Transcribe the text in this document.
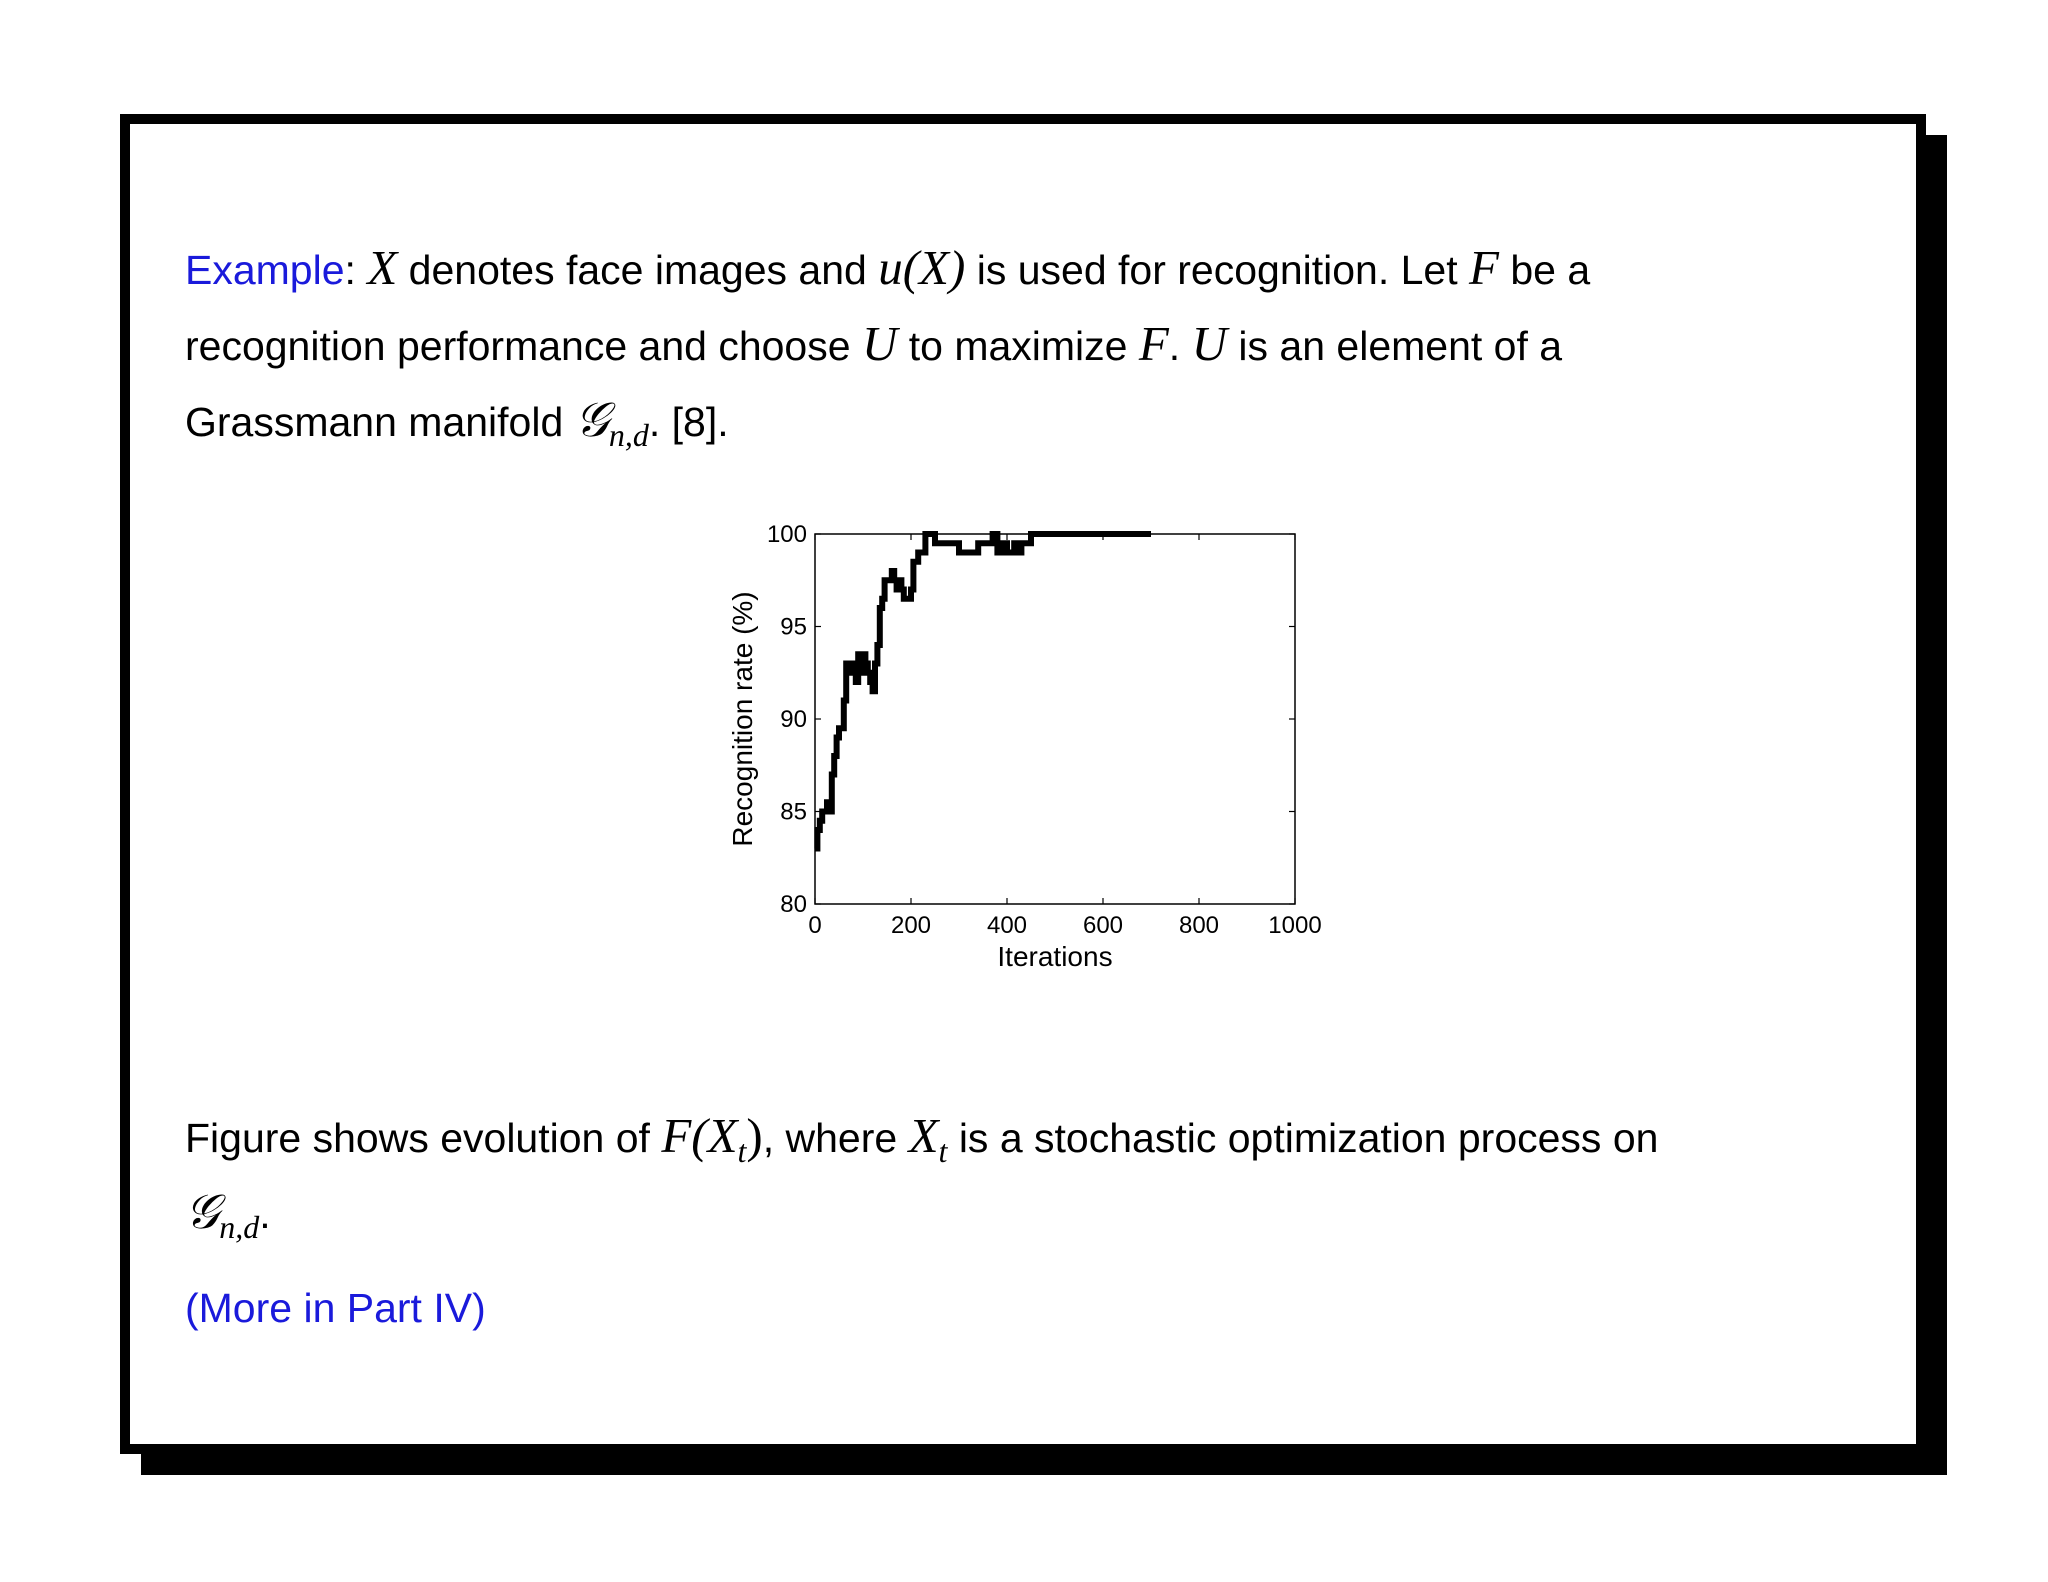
Example: X denotes face images and u(X) is used for recognition. Let F be a
recognition performance and choose U to maximize F. U is an element of a
Grassmann manifold 𝒢$_{n,d}$. [8].
0	200 400 600 800 1000
80
85
90
95
100
Iterations
Recognition rate (%)
Figure shows evolution of $F(X_t)$, where $X_t$ is a stochastic optimization process on
𝒢$_{n,d}$.
(More in Part IV)
